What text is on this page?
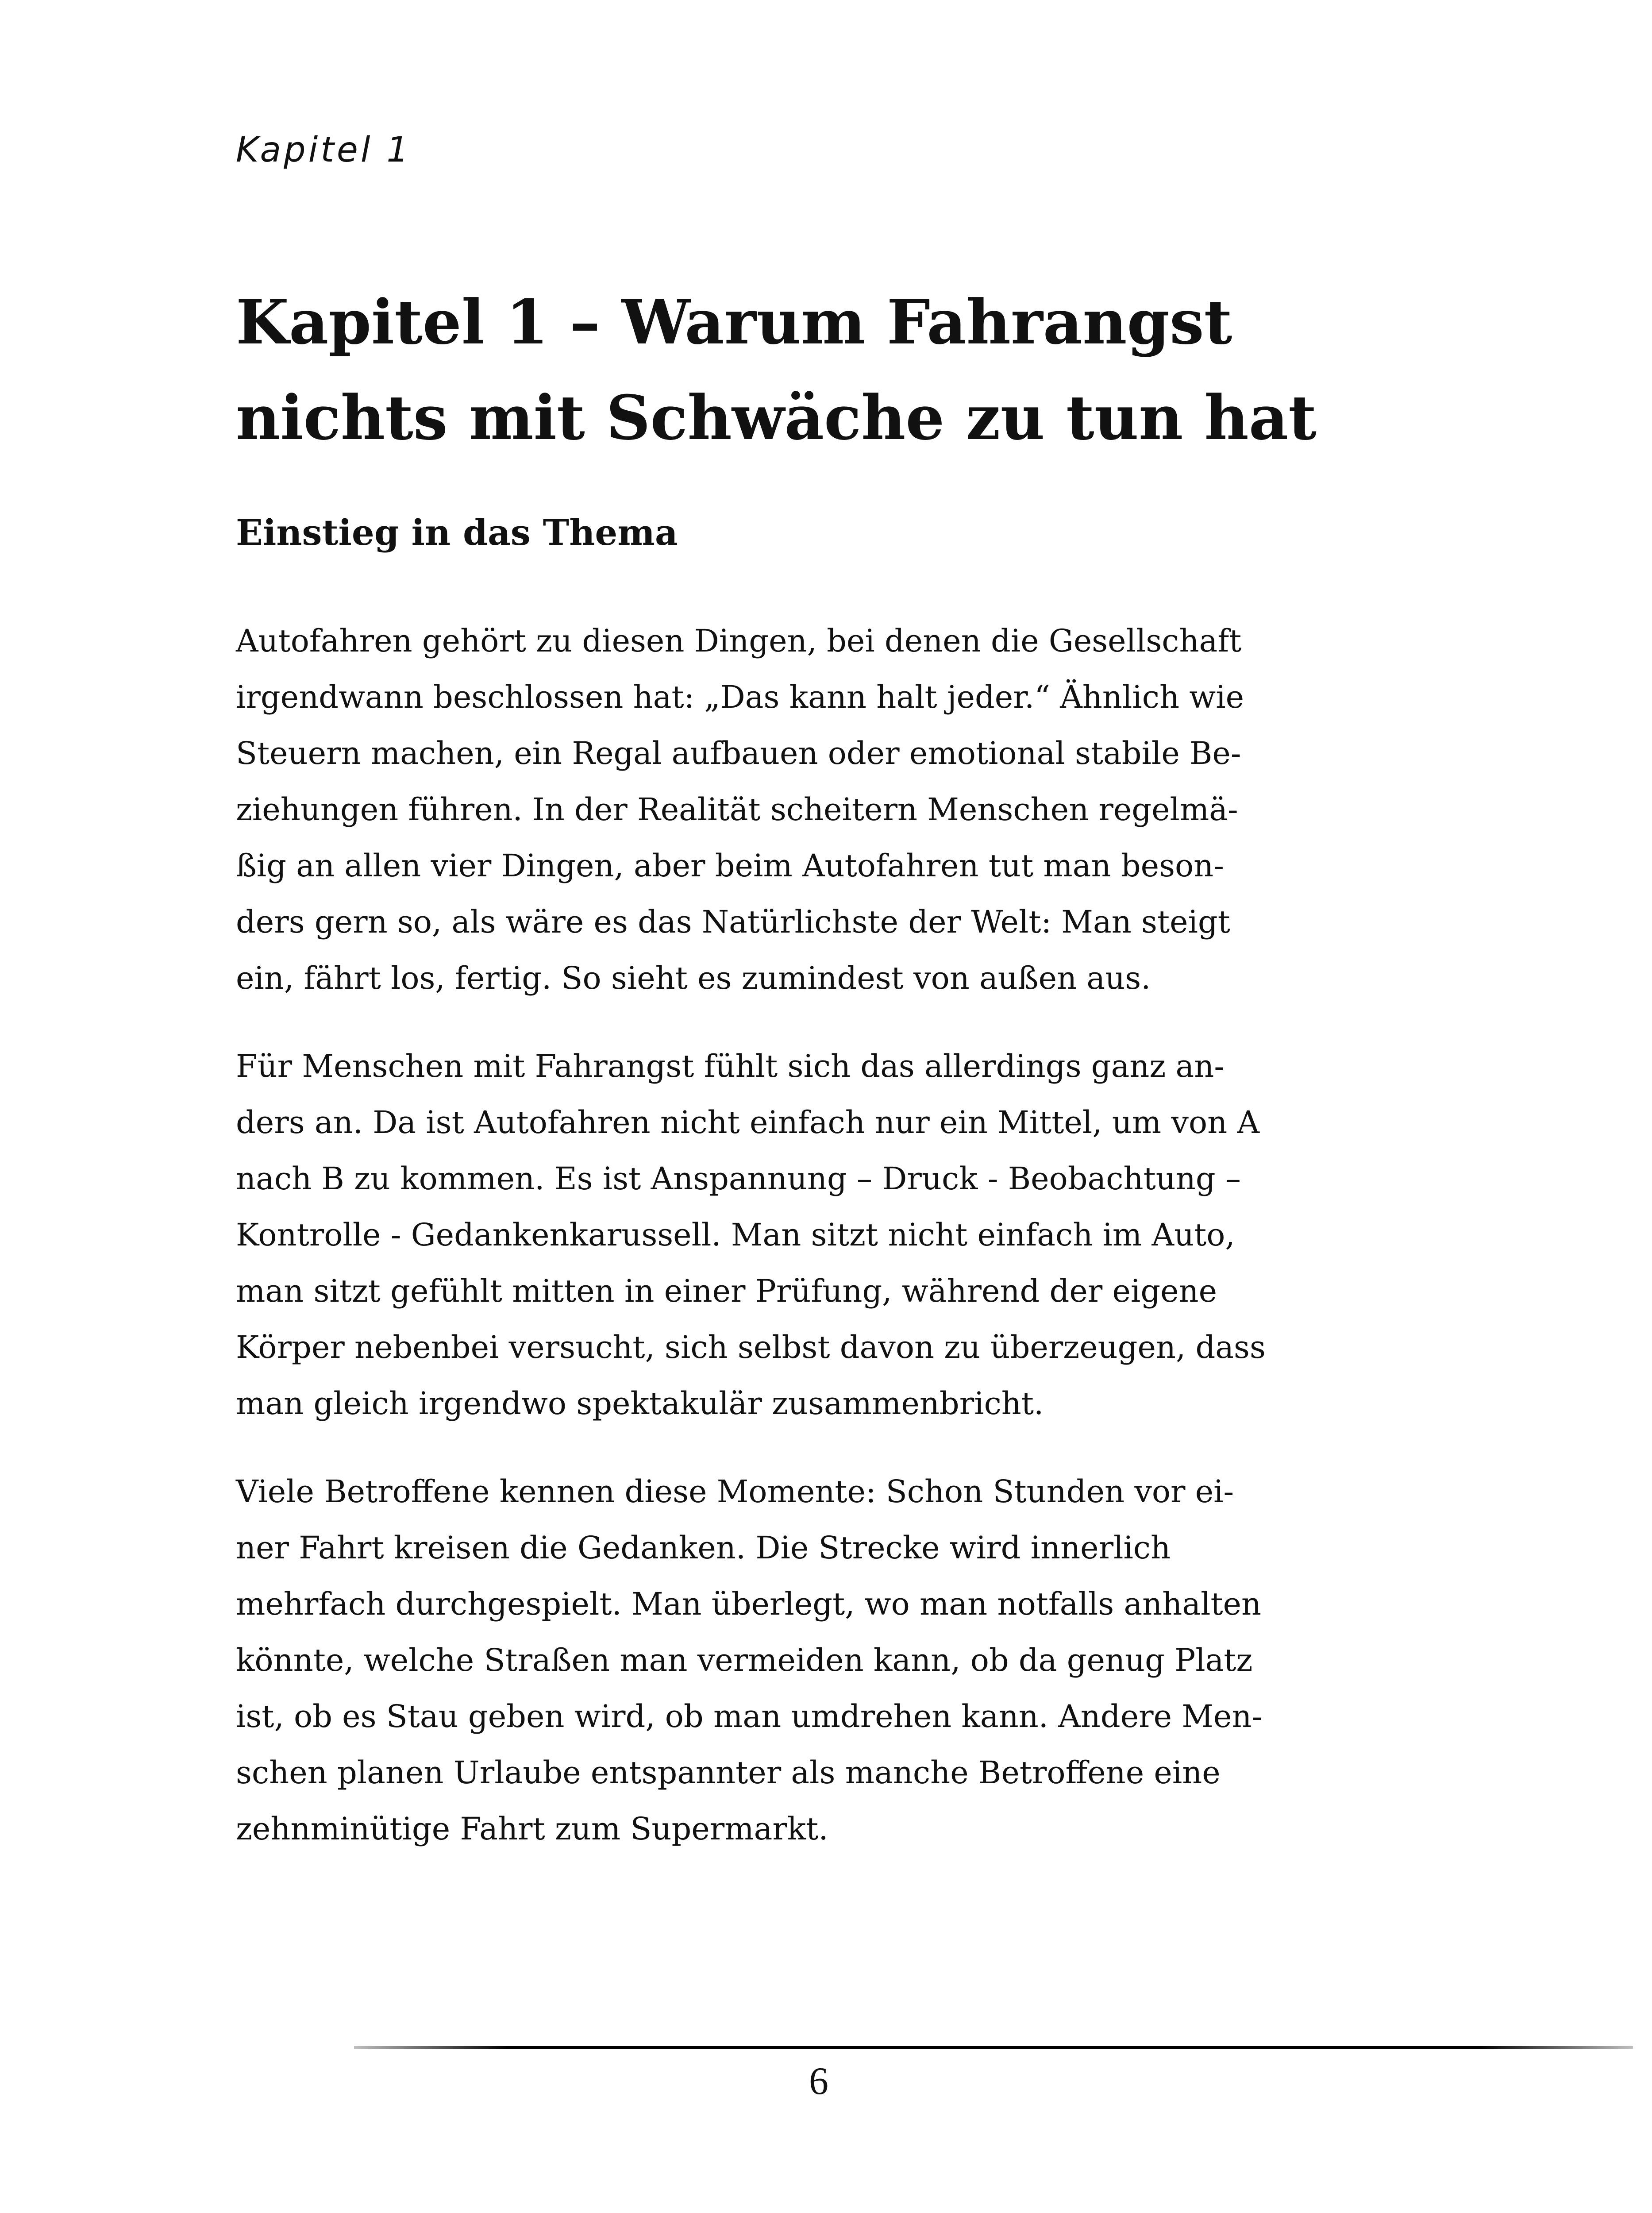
Kapitel 1
Kapitel 1 – Warum Fahrangst
nichts mit Schwäche zu tun hat
Einstieg in das Thema

Autofahren gehört zu diesen Dingen, bei denen die Gesellschaft
irgendwann beschlossen hat: „Das kann halt jeder.“ Ähnlich wie
Steuern machen, ein Regal aufbauen oder emotional stabile Be-
ziehungen führen. In der Realität scheitern Menschen regelmä-
ßig an allen vier Dingen, aber beim Autofahren tut man beson-
ders gern so, als wäre es das Natürlichste der Welt: Man steigt
ein, fährt los, fertig. So sieht es zumindest von außen aus.

Für Menschen mit Fahrangst fühlt sich das allerdings ganz an-
ders an. Da ist Autofahren nicht einfach nur ein Mittel, um von A
nach B zu kommen. Es ist Anspannung – Druck - Beobachtung –
Kontrolle - Gedankenkarussell. Man sitzt nicht einfach im Auto,
man sitzt gefühlt mitten in einer Prüfung, während der eigene
Körper nebenbei versucht, sich selbst davon zu überzeugen, dass
man gleich irgendwo spektakulär zusammenbricht.

Viele Betroffene kennen diese Momente: Schon Stunden vor ei-
ner Fahrt kreisen die Gedanken. Die Strecke wird innerlich
mehrfach durchgespielt. Man überlegt, wo man notfalls anhalten
könnte, welche Straßen man vermeiden kann, ob da genug Platz
ist, ob es Stau geben wird, ob man umdrehen kann. Andere Men-
schen planen Urlaube entspannter als manche Betroffene eine
zehnminütige Fahrt zum Supermarkt.

6
